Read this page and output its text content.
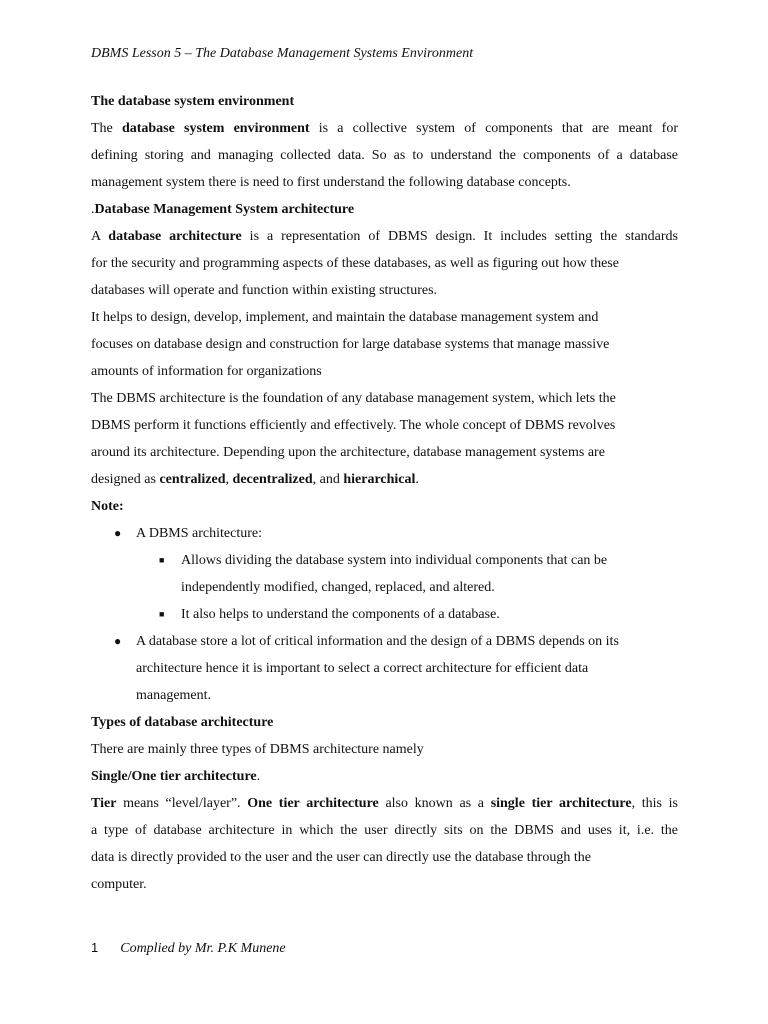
DBMS Lesson 5 – The Database Management Systems Environment
The database system environment
The database system environment is a collective system of components that are meant for
defining storing and managing collected data. So as to understand the components of a database
management system there is need to first understand the following database concepts.
.Database Management System architecture
A database architecture is a representation of DBMS design. It includes setting the standards
for the security and programming aspects of these databases, as well as figuring out how these
databases will operate and function within existing structures.
It helps to design, develop, implement, and maintain the database management system and
focuses on database design and construction for large database systems that manage massive
amounts of information for organizations
The DBMS architecture is the foundation of any database management system, which lets the
DBMS perform it functions efficiently and effectively. The whole concept of DBMS revolves
around its architecture. Depending upon the architecture, database management systems are
designed as centralized, decentralized, and hierarchical.
Note:
● A DBMS architecture:
■ Allows dividing the database system into individual components that can be
independently modified, changed, replaced, and altered.
■ It also helps to understand the components of a database.
● A database store a lot of critical information and the design of a DBMS depends on its
architecture hence it is important to select a correct architecture for efficient data
management.
Types of database architecture
There are mainly three types of DBMS architecture namely
Single/One tier architecture.
Tier means “level/layer”. One tier architecture also known as a single tier architecture, this is
a type of database architecture in which the user directly sits on the DBMS and uses it, i.e. the
data is directly provided to the user and the user can directly use the database through the
computer.
1 Complied by Mr. P.K Munene
